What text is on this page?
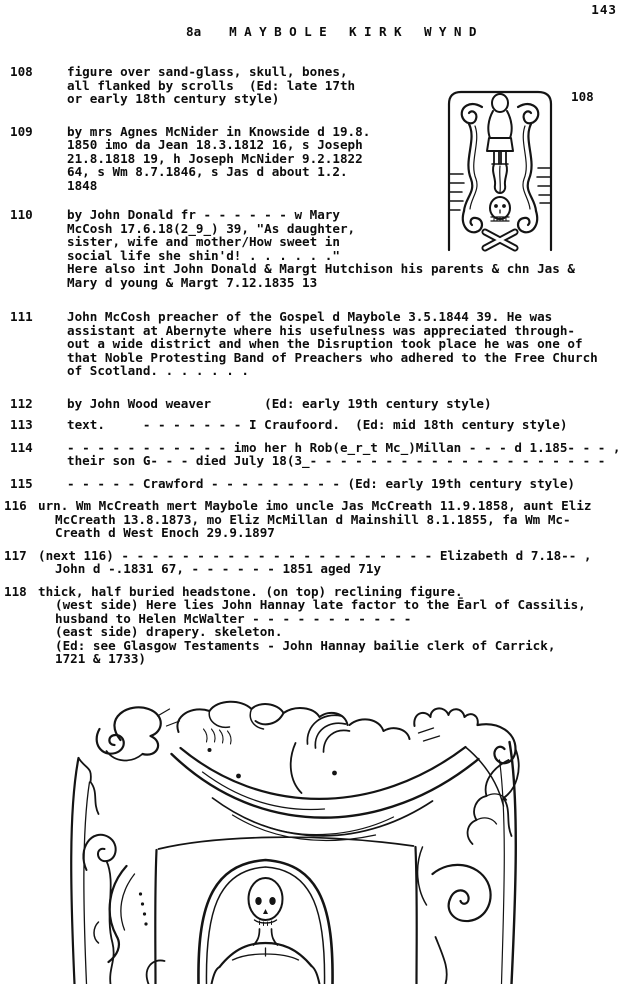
143
8a MAYBOLE KIRK WYND
108	figure over sand-glass, skull, bones,
all flanked by scrolls  (Ed: late 17th
or early 18th century style)
109	by mrs Agnes McNider in Knowside d 19.8.
1850 imo da Jean 18.3.1812 16, s Joseph
21.8.1818 19, h Joseph McNider 9.2.1822
64, s Wm 8.7.1846, s Jas d about 1.2.
1848
110	by John Donald fr - - - - - - w Mary
McCosh 17.6.18(2̲9̲) 39, "As daughter,
sister, wife and mother/How sweet in
social life she shin'd! . . . . . ."
Here also int John Donald & Margt Hutchison his parents & chn Jas &
Mary d young & Margt 7.12.1835 13
111	John McCosh preacher of the Gospel d Maybole 3.5.1844 39. He was
assistant at Abernyte where his usefulness was appreciated through-
out a wide district and when the Disruption took place he was one of
that Noble Protesting Band of Preachers who adhered to the Free Church
of Scotland. . . . . . .
112	by John Wood weaver       (Ed: early 19th century style)
113	text.     - - - - - - - I Craufoord.  (Ed: mid 18th century style)
114	- - - - - - - - - - - imo her h Rob(e̲r̲t Mc̲)Millan - - - d 1.185- - - ,
their son G- - - died July 18(3̲- - - - - - - - - - - - - - - - - - - -
115	- - - - - Crawford - - - - - - - - - (Ed: early 19th century style)
116 urn. Wm McCreath mert Maybole imo uncle Jas McCreath 11.9.1858, aunt Eliz
McCreath 13.8.1873, mo Eliz McMillan d Mainshill 8.1.1855, fa Wm Mc-
Creath d West Enoch 29.9.1897
117 (next 116) - - - - - - - - - - - - - - - - - - - - - Elizabeth d 7.18-- ,
John d -.1831 67, - - - - - - 1851 aged 71y
118 thick, half buried headstone. (on top) reclining figure.
(west side) Here lies John Hannay late factor to the Ēarl of Cassilis,
husband to Helen McWalter - - - - - - - - - - -
(east side) drapery. skeleton.
(Ed: see Glasgow Testaments - John Hannay bailie clerk of Carrick,
1721 & 1733)
108
